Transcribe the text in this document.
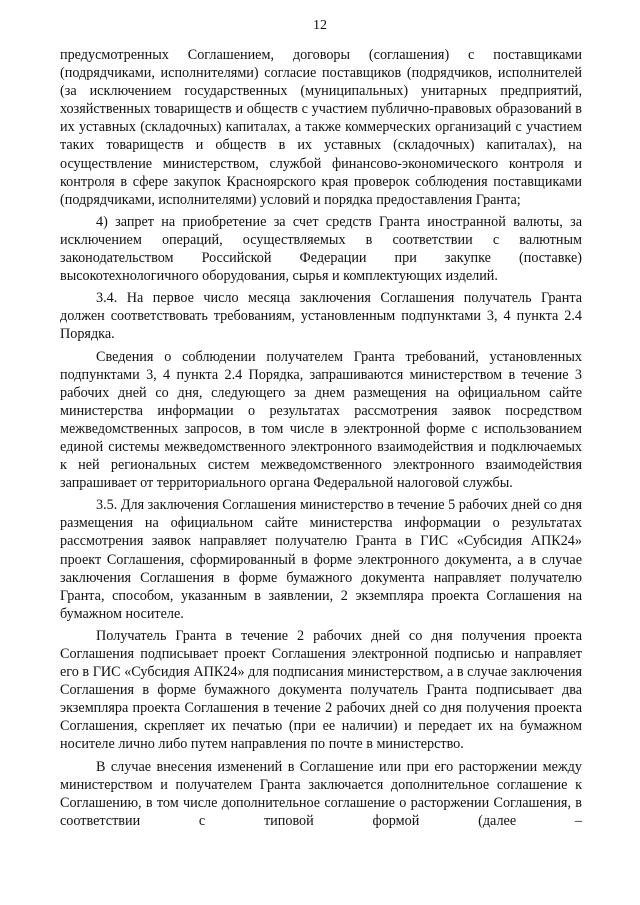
12

предусмотренных Соглашением, договоры (соглашения) с поставщиками (подрядчиками, исполнителями) согласие поставщиков (подрядчиков, исполнителей (за исключением государственных (муниципальных) унитарных предприятий, хозяйственных товариществ и обществ с участием публично-правовых образований в их уставных (складочных) капиталах, а также коммерческих организаций с участием таких товариществ и обществ в их уставных (складочных) капиталах), на осуществление министерством, службой финансово-экономического контроля и контроля в сфере закупок Красноярского края проверок соблюдения поставщиками (подрядчиками, исполнителями) условий и порядка предоставления Гранта;

4) запрет на приобретение за счет средств Гранта иностранной валюты, за исключением операций, осуществляемых в соответствии с валютным законодательством Российской Федерации при закупке (поставке) высокотехнологичного оборудования, сырья и комплектующих изделий.

3.4. На первое число месяца заключения Соглашения получатель Гранта должен соответствовать требованиям, установленным подпунктами 3, 4 пункта 2.4 Порядка.

Сведения о соблюдении получателем Гранта требований, установленных подпунктами 3, 4 пункта 2.4 Порядка, запрашиваются министерством в течение 3 рабочих дней со дня, следующего за днем размещения на официальном сайте министерства информации о результатах рассмотрения заявок посредством межведомственных запросов, в том числе в электронной форме с использованием единой системы межведомственного электронного взаимодействия и подключаемых к ней региональных систем межведомственного электронного взаимодействия запрашивает от территориального органа Федеральной налоговой службы.

3.5. Для заключения Соглашения министерство в течение 5 рабочих дней со дня размещения на официальном сайте министерства информации о результатах рассмотрения заявок направляет получателю Гранта в ГИС «Субсидия АПК24» проект Соглашения, сформированный в форме электронного документа, а в случае заключения Соглашения в форме бумажного документа направляет получателю Гранта, способом, указанным в заявлении, 2 экземпляра проекта Соглашения на бумажном носителе.

Получатель Гранта в течение 2 рабочих дней со дня получения проекта Соглашения подписывает проект Соглашения электронной подписью и направляет его в ГИС «Субсидия АПК24» для подписания министерством, а в случае заключения Соглашения в форме бумажного документа получатель Гранта подписывает два экземпляра проекта Соглашения в течение 2 рабочих дней со дня получения проекта Соглашения, скрепляет их печатью (при ее наличии) и передает их на бумажном носителе лично либо путем направления по почте в министерство.

В случае внесения изменений в Соглашение или при его расторжении между министерством и получателем Гранта заключается дополнительное соглашение к Соглашению, в том числе дополнительное соглашение о расторжении Соглашения, в соответствии с типовой формой (далее –
